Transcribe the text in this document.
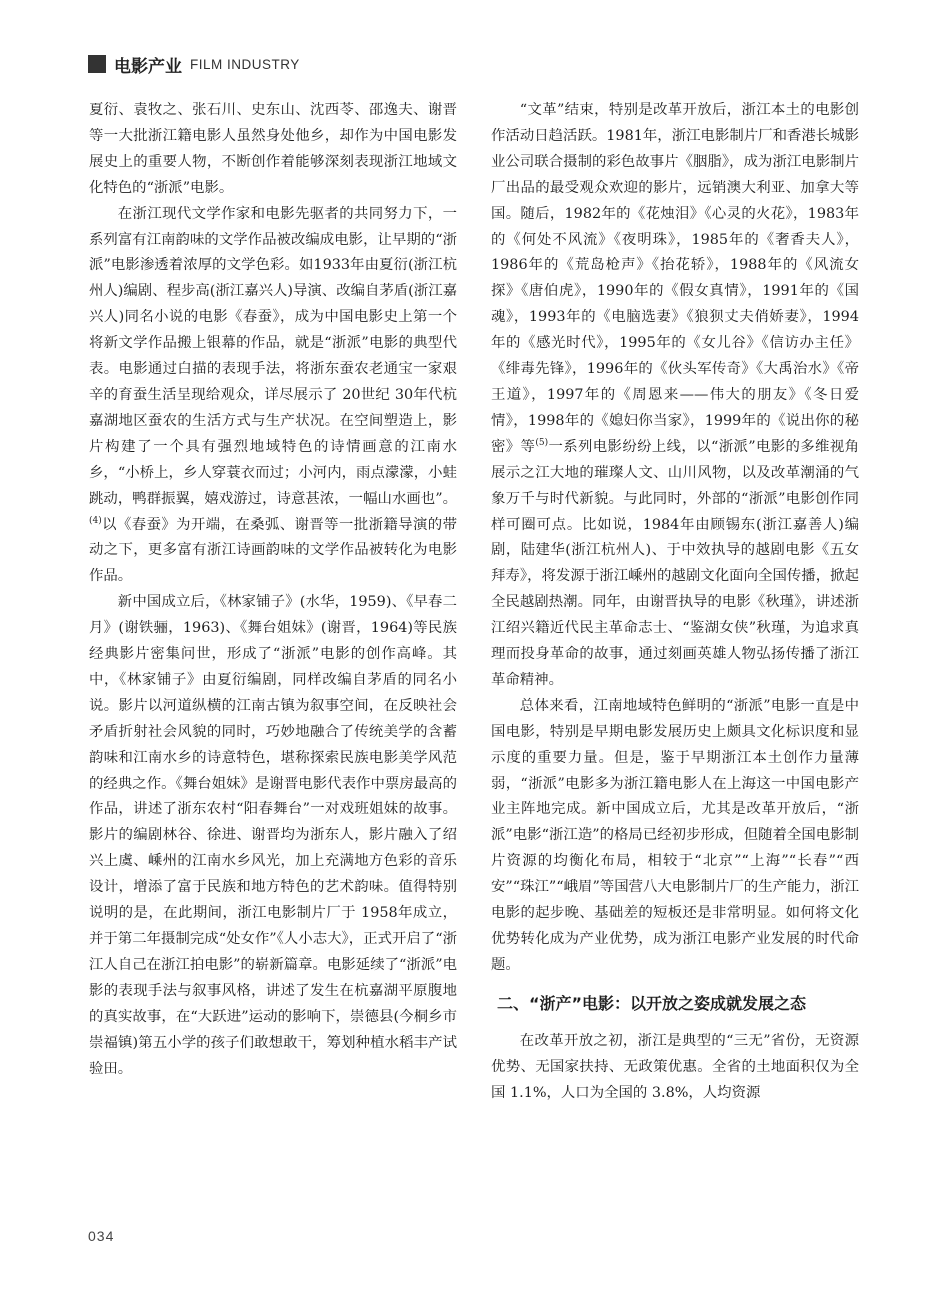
电影产业 FILM INDUSTRY

夏衍、袁牧之、张石川、史东山、沈西苓、邵逸夫、谢晋等一大批浙江籍电影人虽然身处他乡，却作为中国电影发展史上的重要人物，不断创作着能够深刻表现浙江地域文化特色的“浙派”电影。

在浙江现代文学作家和电影先驱者的共同努力下，一系列富有江南韵味的文学作品被改编成电影，让早期的“浙派”电影渗透着浓厚的文学色彩。如1933年由夏衍(浙江杭州人)编剧、程步高(浙江嘉兴人)导演、改编自茅盾(浙江嘉兴人)同名小说的电影《春蚕》，成为中国电影史上第一个将新文学作品搬上银幕的作品，就是“浙派”电影的典型代表。电影通过白描的表现手法，将浙东蚕农老通宝一家艰辛的育蚕生活呈现给观众，详尽展示了 20世纪 30年代杭嘉湖地区蚕农的生活方式与生产状况。在空间塑造上，影片构建了一个具有强烈地域特色的诗情画意的江南水乡，“小桥上，乡人穿蓑衣而过；小河内，雨点濛濛，小蛙跳动，鸭群振翼，嬉戏游过，诗意甚浓，一幅山水画也”。$^{(4)}$以《春蚕》为开端，在桑弧、谢晋等一批浙籍导演的带动之下，更多富有浙江诗画韵味的文学作品被转化为电影作品。

新中国成立后，《林家铺子》(水华，1959)、《早春二月》(谢铁骊，1963)、《舞台姐妹》(谢晋，1964)等民族经典影片密集问世，形成了“浙派”电影的创作高峰。其中，《林家铺子》由夏衍编剧，同样改编自茅盾的同名小说。影片以河道纵横的江南古镇为叙事空间，在反映社会矛盾折射社会风貌的同时，巧妙地融合了传统美学的含蓄韵味和江南水乡的诗意特色，堪称探索民族电影美学风范的经典之作。《舞台姐妹》是谢晋电影代表作中票房最高的作品，讲述了浙东农村“阳春舞台”一对戏班姐妹的故事。影片的编剧林谷、徐进、谢晋均为浙东人，影片融入了绍兴上虞、嵊州的江南水乡风光，加上充满地方色彩的音乐设计，增添了富于民族和地方特色的艺术韵味。值得特别说明的是，在此期间，浙江电影制片厂于 1958年成立，并于第二年摄制完成“处女作”《人小志大》，正式开启了“浙江人自己在浙江拍电影”的崭新篇章。电影延续了“浙派”电影的表现手法与叙事风格，讲述了发生在杭嘉湖平原腹地的真实故事，在“大跃进”运动的影响下，崇德县(今桐乡市崇福镇)第五小学的孩子们敢想敢干，筹划种植水稻丰产试验田。

“文革”结束，特别是改革开放后，浙江本土的电影创作活动日趋活跃。1981年，浙江电影制片厂和香港长城影业公司联合摄制的彩色故事片《胭脂》，成为浙江电影制片厂出品的最受观众欢迎的影片，远销澳大利亚、加拿大等国。随后，1982年的《花烛泪》《心灵的火花》，1983年的《何处不风流》《夜明珠》，1985年的《奢香夫人》，1986年的《荒岛枪声》《抬花轿》，1988年的《风流女探》《唐伯虎》，1990年的《假女真情》，1991年的《国魂》，1993年的《电脑选妻》《狼狈丈夫俏娇妻》，1994年的《感光时代》，1995年的《女儿谷》《信访办主任》《绯毒先锋》，1996年的《伙头军传奇》《大禹治水》《帝王道》，1997年的《周恩来——伟大的朋友》《冬日爱情》，1998年的《媳妇你当家》，1999年的《说出你的秘密》等$^{(5)}$一系列电影纷纷上线，以“浙派”电影的多维视角展示之江大地的璀璨人文、山川风物，以及改革潮涌的气象万千与时代新貌。与此同时，外部的“浙派”电影创作同样可圈可点。比如说，1984年由顾锡东(浙江嘉善人)编剧，陆建华(浙江杭州人)、于中效执导的越剧电影《五女拜寿》，将发源于浙江嵊州的越剧文化面向全国传播，掀起全民越剧热潮。同年，由谢晋执导的电影《秋瑾》，讲述浙江绍兴籍近代民主革命志士、“鉴湖女侠”秋瑾，为追求真理而投身革命的故事，通过刻画英雄人物弘扬传播了浙江革命精神。

总体来看，江南地域特色鲜明的“浙派”电影一直是中国电影，特别是早期电影发展历史上颇具文化标识度和显示度的重要力量。但是，鉴于早期浙江本土创作力量薄弱，“浙派”电影多为浙江籍电影人在上海这一中国电影产业主阵地完成。新中国成立后，尤其是改革开放后，“浙派”电影“浙江造”的格局已经初步形成，但随着全国电影制片资源的均衡化布局，相较于“北京”“上海”“长春”“西安”“珠江”“峨眉”等国营八大电影制片厂的生产能力，浙江电影的起步晚、基础差的短板还是非常明显。如何将文化优势转化成为产业优势，成为浙江电影产业发展的时代命题。

二、“浙产”电影：以开放之姿成就发展之态

在改革开放之初，浙江是典型的“三无”省份，无资源优势、无国家扶持、无政策优惠。全省的土地面积仅为全国 1.1%，人口为全国的 3.8%，人均资源

034
